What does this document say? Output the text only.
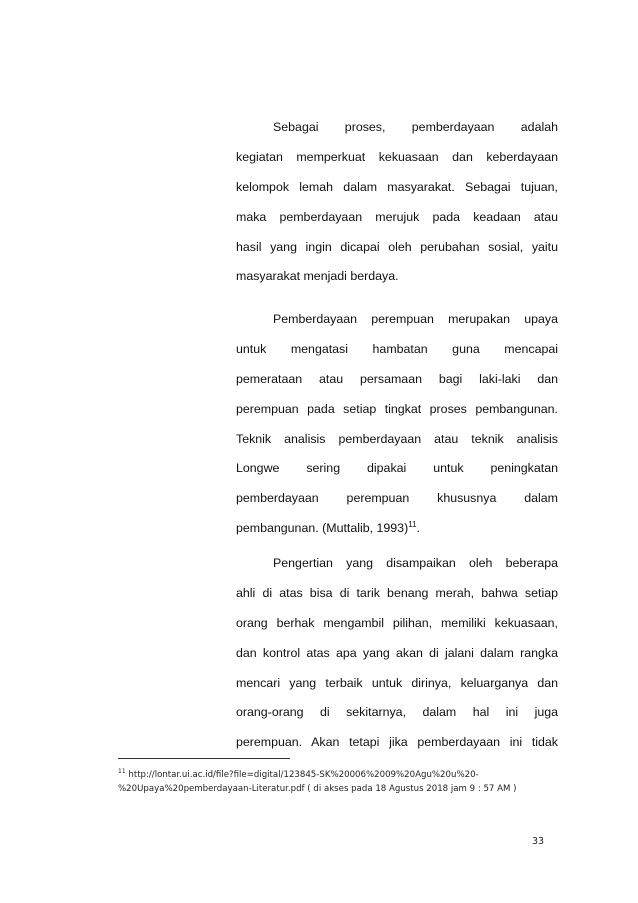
Sebagai proses, pemberdayaan adalah
kegiatan memperkuat kekuasaan dan keberdayaan
kelompok lemah dalam masyarakat. Sebagai tujuan,
maka pemberdayaan merujuk pada keadaan atau
hasil yang ingin dicapai oleh perubahan sosial, yaitu
masyarakat menjadi berdaya.
Pemberdayaan perempuan merupakan upaya
untuk mengatasi hambatan guna mencapai
pemerataan atau persamaan bagi laki-laki dan
perempuan pada setiap tingkat proses pembangunan.
Teknik analisis pemberdayaan atau teknik analisis
Longwe sering dipakai untuk peningkatan
pemberdayaan perempuan khususnya dalam
pembangunan. (Muttalib, 1993)$^{11}$.
Pengertian yang disampaikan oleh beberapa
ahli di atas bisa di tarik benang merah, bahwa setiap
orang berhak mengambil pilihan, memiliki kekuasaan,
dan kontrol atas apa yang akan di jalani dalam rangka
mencari yang terbaik untuk dirinya, keluarganya dan
orang-orang di sekitarnya, dalam hal ini juga
perempuan. Akan tetapi jika pemberdayaan ini tidak
$^{11}$ http://lontar.ui.ac.id/file?file=digital/123845-SK%20006%2009%20Agu%20u%20-
%20Upaya%20pemberdayaan-Literatur.pdf ( di akses pada 18 Agustus 2018 jam 9 : 57 AM )
33
